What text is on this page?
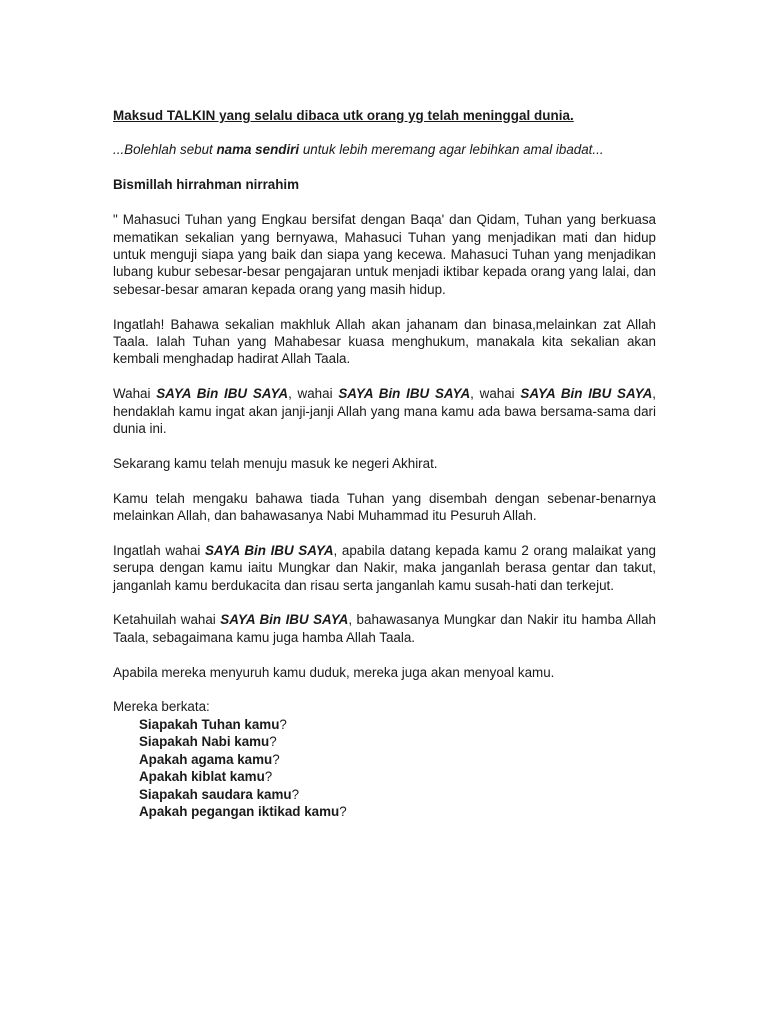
Maksud TALKIN yang selalu dibaca utk orang yg telah meninggal dunia.

...Bolehlah sebut nama sendiri untuk lebih meremang agar lebihkan amal ibadat...

Bismillah hirrahman nirrahim

" Mahasuci Tuhan yang Engkau bersifat dengan Baqa' dan Qidam, Tuhan yang berkuasa mematikan sekalian yang bernyawa, Mahasuci Tuhan yang menjadikan mati dan hidup untuk menguji siapa yang baik dan siapa yang kecewa. Mahasuci Tuhan yang menjadikan lubang kubur sebesar-besar pengajaran untuk menjadi iktibar kepada orang yang lalai, dan sebesar-besar amaran kepada orang yang masih hidup.

Ingatlah! Bahawa sekalian makhluk Allah akan jahanam dan binasa,melainkan zat Allah Taala. Ialah Tuhan yang Mahabesar kuasa menghukum, manakala kita sekalian akan kembali menghadap hadirat Allah Taala.

Wahai SAYA Bin IBU SAYA, wahai SAYA Bin IBU SAYA, wahai SAYA Bin IBU SAYA, hendaklah kamu ingat akan janji-janji Allah yang mana kamu ada bawa bersama-sama dari dunia ini.

Sekarang kamu telah menuju masuk ke negeri Akhirat.

Kamu telah mengaku bahawa tiada Tuhan yang disembah dengan sebenar-benarnya melainkan Allah, dan bahawasanya Nabi Muhammad itu Pesuruh Allah.

Ingatlah wahai SAYA Bin IBU SAYA, apabila datang kepada kamu 2 orang malaikat yang serupa dengan kamu iaitu Mungkar dan Nakir, maka janganlah berasa gentar dan takut, janganlah kamu berdukacita dan risau serta janganlah kamu susah-hati dan terkejut.

Ketahuilah wahai SAYA Bin IBU SAYA, bahawasanya Mungkar dan Nakir itu hamba Allah Taala, sebagaimana kamu juga hamba Allah Taala.

Apabila mereka menyuruh kamu duduk, mereka juga akan menyoal kamu.

Mereka berkata:

Siapakah Tuhan kamu?
Siapakah Nabi kamu?
Apakah agama kamu?
Apakah kiblat kamu?
Siapakah saudara kamu?
Apakah pegangan iktikad kamu?
